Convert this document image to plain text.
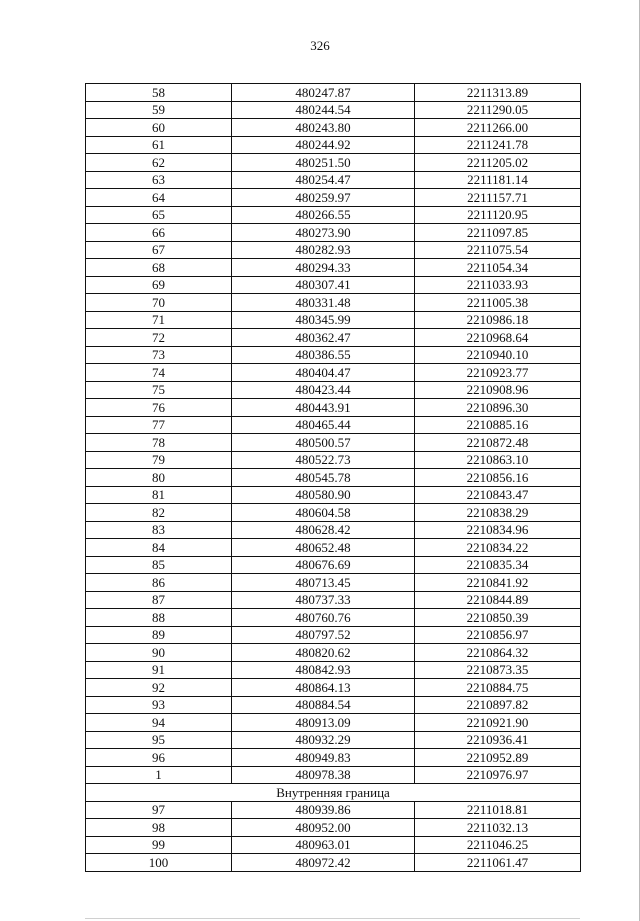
326
58	480247.87	2211313.89
59	480244.54	2211290.05
60	480243.80	2211266.00
61	480244.92	2211241.78
62	480251.50	2211205.02
63	480254.47	2211181.14
64	480259.97	2211157.71
65	480266.55	2211120.95
66	480273.90	2211097.85
67	480282.93	2211075.54
68	480294.33	2211054.34
69	480307.41	2211033.93
70	480331.48	2211005.38
71	480345.99	2210986.18
72	480362.47	2210968.64
73	480386.55	2210940.10
74	480404.47	2210923.77
75	480423.44	2210908.96
76	480443.91	2210896.30
77	480465.44	2210885.16
78	480500.57	2210872.48
79	480522.73	2210863.10
80	480545.78	2210856.16
81	480580.90	2210843.47
82	480604.58	2210838.29
83	480628.42	2210834.96
84	480652.48	2210834.22
85	480676.69	2210835.34
86	480713.45	2210841.92
87	480737.33	2210844.89
88	480760.76	2210850.39
89	480797.52	2210856.97
90	480820.62	2210864.32
91	480842.93	2210873.35
92	480864.13	2210884.75
93	480884.54	2210897.82
94	480913.09	2210921.90
95	480932.29	2210936.41
96	480949.83	2210952.89
1	480978.38	2210976.97
Внутренняя граница		
97	480939.86	2211018.81
98	480952.00	2211032.13
99	480963.01	2211046.25
100	480972.42	2211061.47
